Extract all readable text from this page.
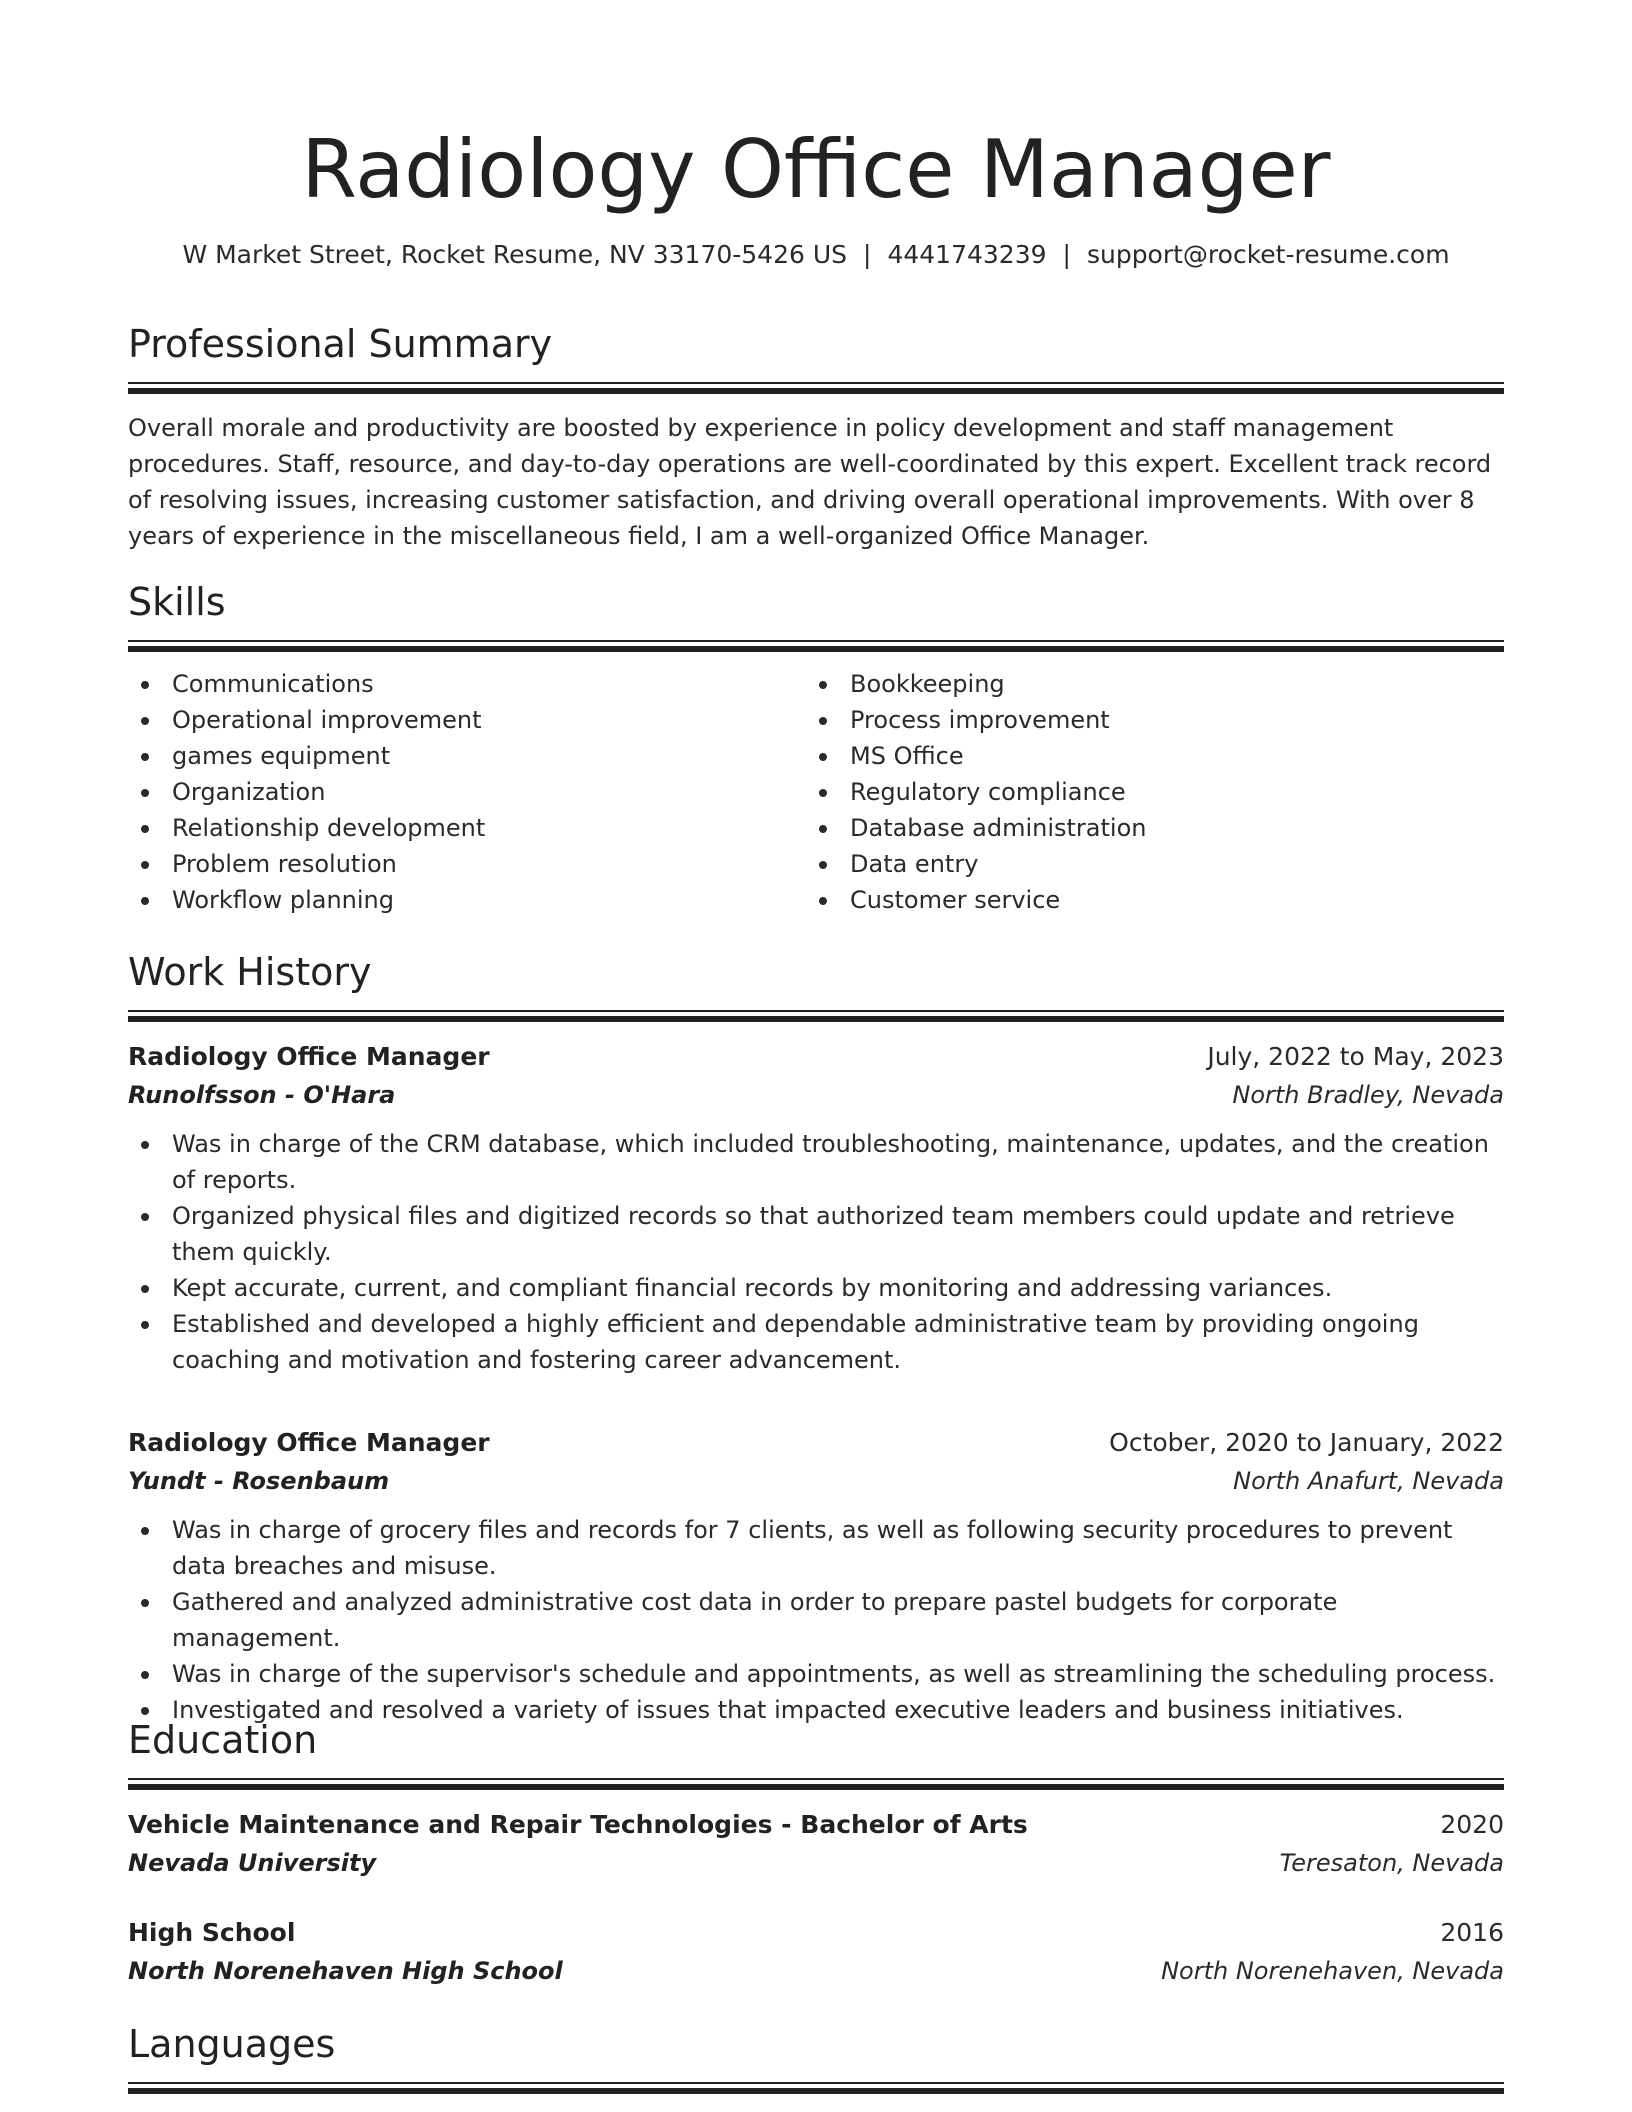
Radiology Office Manager
W Market Street, Rocket Resume, NV 33170-5426 US | 4441743239 | support@rocket-resume.com
Professional Summary

Overall morale and productivity are boosted by experience in policy development and staff management procedures. Staff, resource, and day-to-day operations are well-coordinated by this expert. Excellent track record of resolving issues, increasing customer satisfaction, and driving overall operational improvements. With over 8 years of experience in the miscellaneous field, I am a well-organized Office Manager.

Skills
Communications
Operational improvement
games equipment
Organization
Relationship development
Problem resolution
Workflow planning
Bookkeeping
Process improvement
MS Office
Regulatory compliance
Database administration
Data entry
Customer service
Work History
Radiology Office Manager	July, 2022 to May, 2023
Runolfsson - O'Hara	North Bradley, Nevada
Was in charge of the CRM database, which included troubleshooting, maintenance, updates, and the creation of reports.
Organized physical files and digitized records so that authorized team members could update and retrieve them quickly.
Kept accurate, current, and compliant financial records by monitoring and addressing variances.
Established and developed a highly efficient and dependable administrative team by providing ongoing coaching and motivation and fostering career advancement.
Radiology Office Manager	October, 2020 to January, 2022
Yundt - Rosenbaum	North Anafurt, Nevada
Was in charge of grocery files and records for 7 clients, as well as following security procedures to prevent data breaches and misuse.
Gathered and analyzed administrative cost data in order to prepare pastel budgets for corporate management.
Was in charge of the supervisor's schedule and appointments, as well as streamlining the scheduling process.
Investigated and resolved a variety of issues that impacted executive leaders and business initiatives.
Education
Vehicle Maintenance and Repair Technologies - Bachelor of Arts	2020
Nevada University	Teresaton, Nevada
High School	2016
North Norenehaven High School	North Norenehaven, Nevada
Languages
